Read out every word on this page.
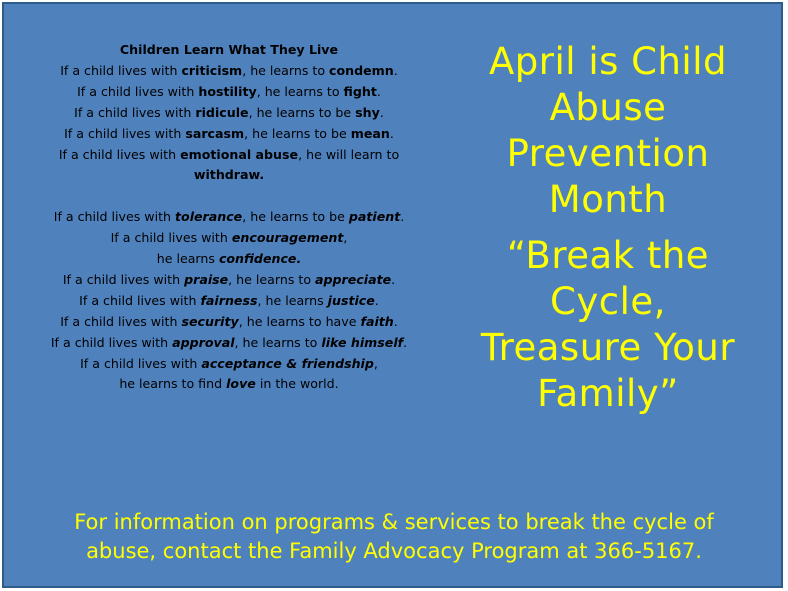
Children Learn What They Live
If a child lives with criticism, he learns to condemn.
If a child lives with hostility, he learns to fight.
If a child lives with ridicule, he learns to be shy.
If a child lives with sarcasm, he learns to be mean.
If a child lives with emotional abuse, he will learn to
withdraw.
If a child lives with tolerance, he learns to be patient.
If a child lives with encouragement,
he learns confidence.
If a child lives with praise, he learns to appreciate.
If a child lives with fairness, he learns justice.
If a child lives with security, he learns to have faith.
If a child lives with approval, he learns to like himself.
If a child lives with acceptance & friendship,
he learns to find love in the world.
April is Child
Abuse
Prevention
Month
“Break the
Cycle,
Treasure Your
Family”
For information on programs & services to break the cycle of
abuse, contact the Family Advocacy Program at 366-5167.
